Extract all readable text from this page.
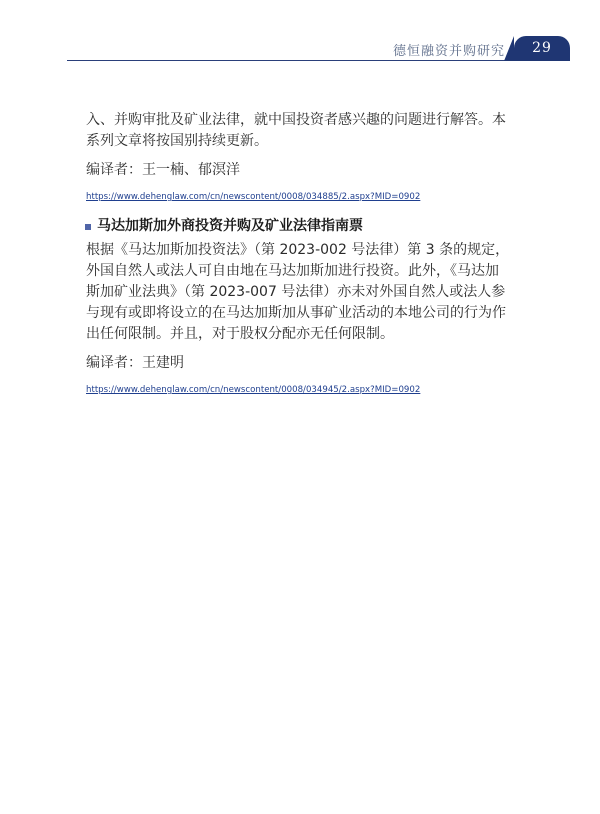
德恒融资并购研究	29

入、并购审批及矿业法律，就中国投资者感兴趣的问题进行解答。本
系列文章将按国别持续更新。

编译者：王一楠、郁溟洋

https://www.dehenglaw.com/cn/newscontent/0008/034885/2.aspx?MID=0902
马达加斯加外商投资并购及矿业法律指南票

根据《马达加斯加投资法》（第 2023-002 号法律）第 3 条的规定，
外国自然人或法人可自由地在马达加斯加进行投资。此外，《马达加
斯加矿业法典》（第 2023-007 号法律）亦未对外国自然人或法人参
与现有或即将设立的在马达加斯加从事矿业活动的本地公司的行为作
出任何限制。并且，对于股权分配亦无任何限制。

编译者：王建明

https://www.dehenglaw.com/cn/newscontent/0008/034945/2.aspx?MID=0902
